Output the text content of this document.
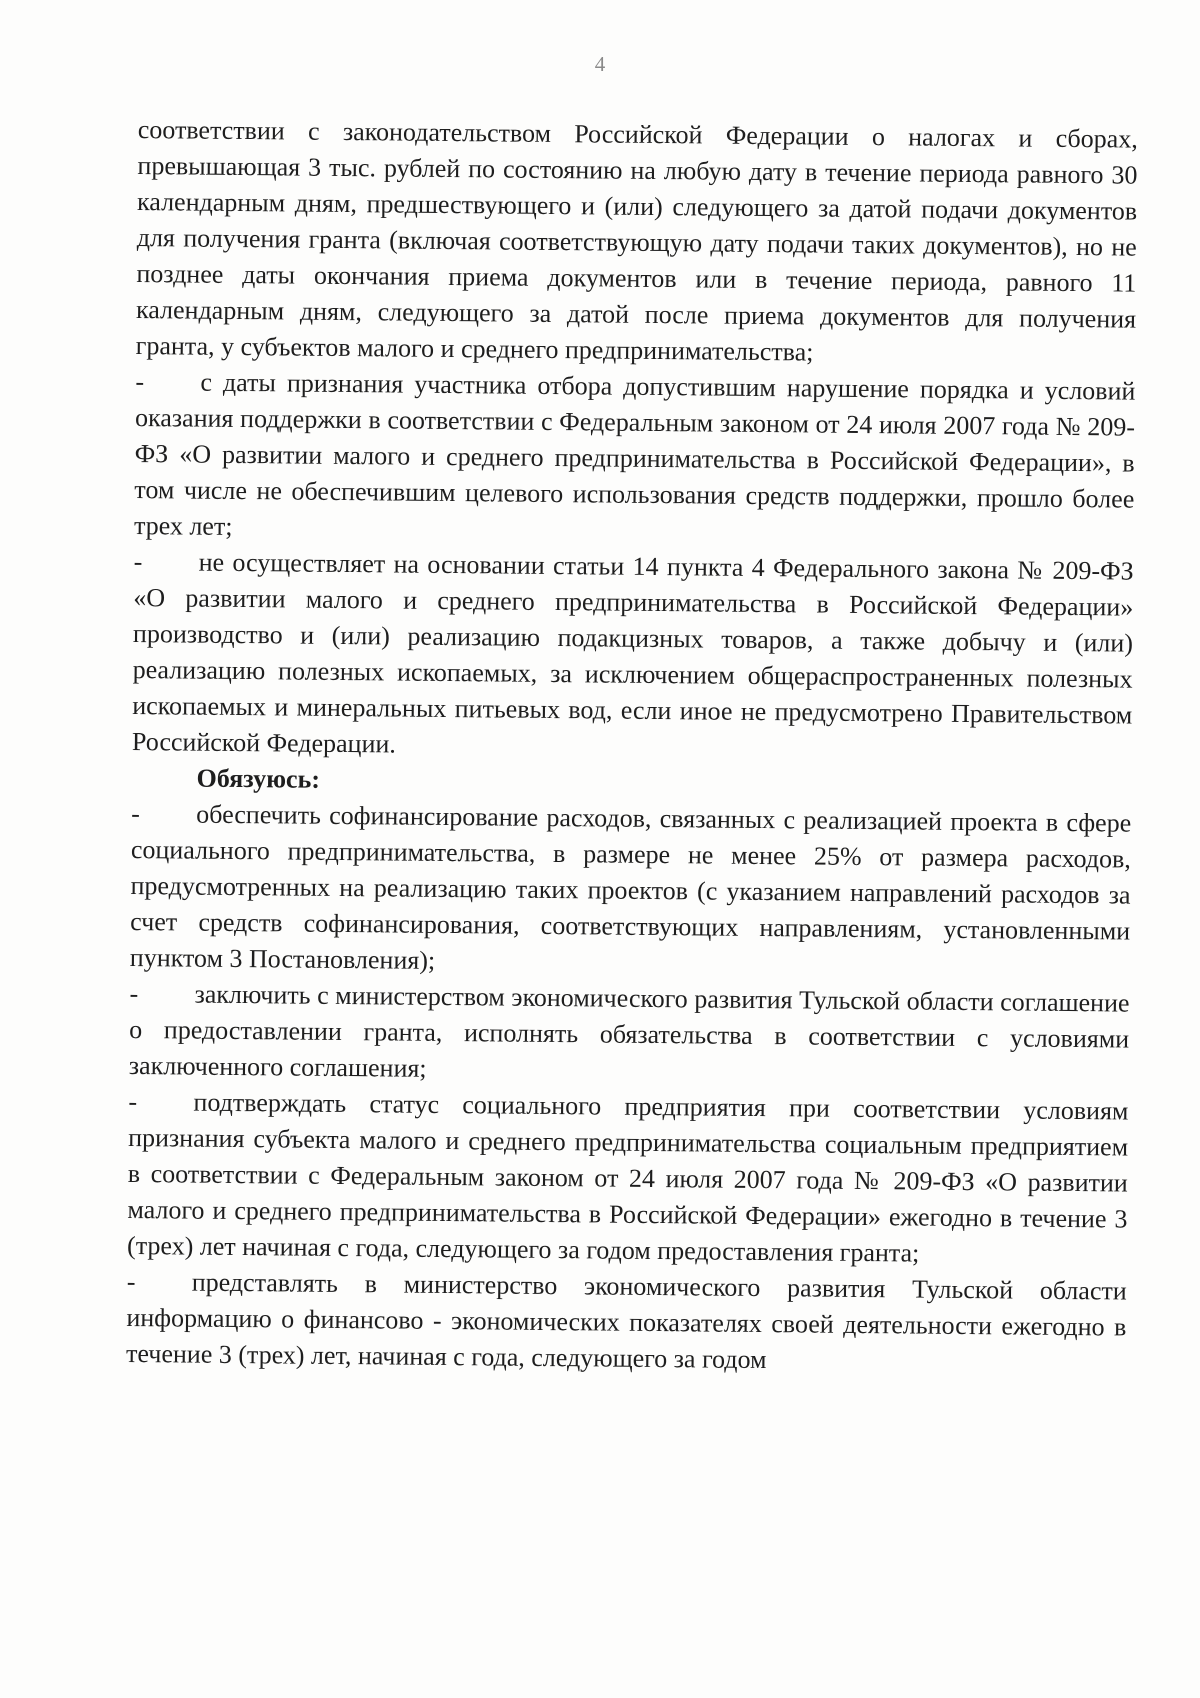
4

соответствии с законодательством Российской Федерации о налогах и сборах, превышающая 3 тыс. рублей по состоянию на любую дату в течение периода равного 30 календарным дням, предшествующего и (или) следующего за датой подачи документов для получения гранта (включая соответствующую дату подачи таких документов), но не позднее даты окончания приема документов или в течение периода, равного 11 календарным дням, следующего за датой после приема документов для получения гранта, у субъектов малого и среднего предпринимательства;

- с даты признания участника отбора допустившим нарушение порядка и условий оказания поддержки в соответствии с Федеральным законом от 24 июля 2007 года № 209-ФЗ «О развитии малого и среднего предпринимательства в Российской Федерации», в том числе не обеспечившим целевого использования средств поддержки, прошло более трех лет;

- не осуществляет на основании статьи 14 пункта 4 Федерального закона № 209-ФЗ «О развитии малого и среднего предпринимательства в Российской Федерации» производство и (или) реализацию подакцизных товаров, а также добычу и (или) реализацию полезных ископаемых, за исключением общераспространенных полезных ископаемых и минеральных питьевых вод, если иное не предусмотрено Правительством Российской Федерации.

Обязуюсь:

- обеспечить софинансирование расходов, связанных с реализацией проекта в сфере социального предпринимательства, в размере не менее 25% от размера расходов, предусмотренных на реализацию таких проектов (с указанием направлений расходов за счет средств софинансирования, соответствующих направлениям, установленными пунктом 3 Постановления);

- заключить с министерством экономического развития Тульской области соглашение о предоставлении гранта, исполнять обязательства в соответствии с условиями заключенного соглашения;

- подтверждать статус социального предприятия при соответствии условиям признания субъекта малого и среднего предпринимательства социальным предприятием в соответствии с Федеральным законом от 24 июля 2007 года № 209-ФЗ «О развитии малого и среднего предпринимательства в Российской Федерации» ежегодно в течение 3 (трех) лет начиная с года, следующего за годом предоставления гранта;

- представлять в министерство экономического развития Тульской области информацию о финансово - экономических показателях своей деятельности ежегодно в течение 3 (трех) лет, начиная с года, следующего за годом
